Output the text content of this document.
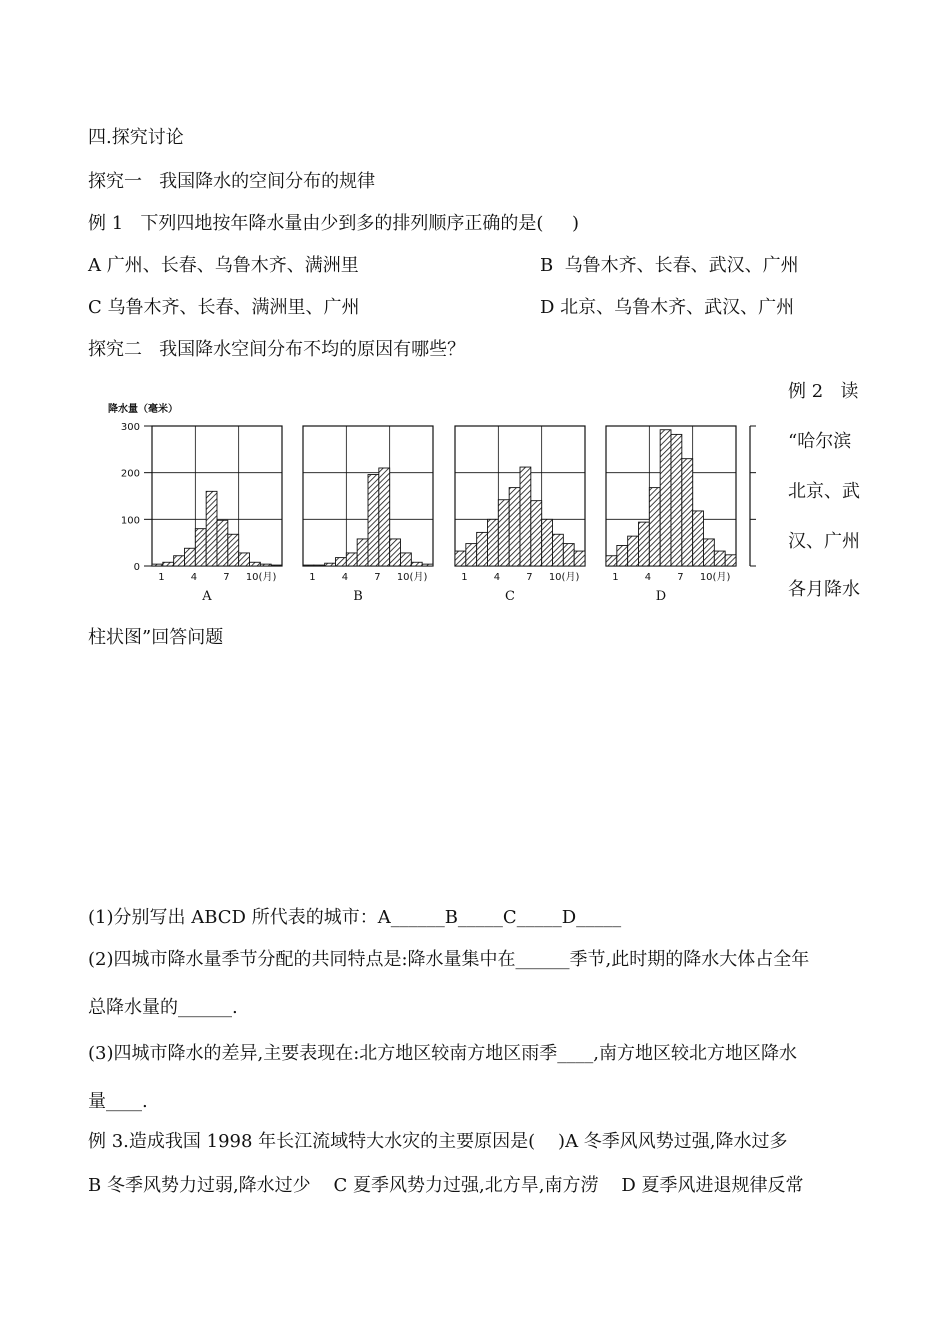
四.探究讨论
探究一   我国降水的空间分布的规律
例 1   下列四地按年降水量由少到多的排列顺序正确的是(     )
A 广州、长春、乌鲁木齐、满洲里	B  乌鲁木齐、长春、武汉、广州
C 乌鲁木齐、长春、满洲里、广州	D 北京、乌鲁木齐、武汉、广州
探究二   我国降水空间分布不均的原因有哪些？
例 2   读
“哈尔滨
北京、武
汉、广州
各月降水
柱状图”回答问题
降水量（毫米）
0
100
200
300
1	4	7 10(月)
A
1	4	7 10(月)
B
1	4	7 10(月)
C
1	4	7 10(月)
D
(1)分别写出 ABCD 所代表的城市：A______B_____C_____D_____
(2)四城市降水量季节分配的共同特点是:降水量集中在______季节,此时期的降水大体占全年
总降水量的______.
(3)四城市降水的差异,主要表现在:北方地区较南方地区雨季____,南方地区较北方地区降水
量____.
例 3.造成我国 1998 年长江流域特大水灾的主要原因是(    )A 冬季风风势过强,降水过多
B 冬季风势力过弱,降水过少    C 夏季风势力过强,北方旱,南方涝    D 夏季风进退规律反常
